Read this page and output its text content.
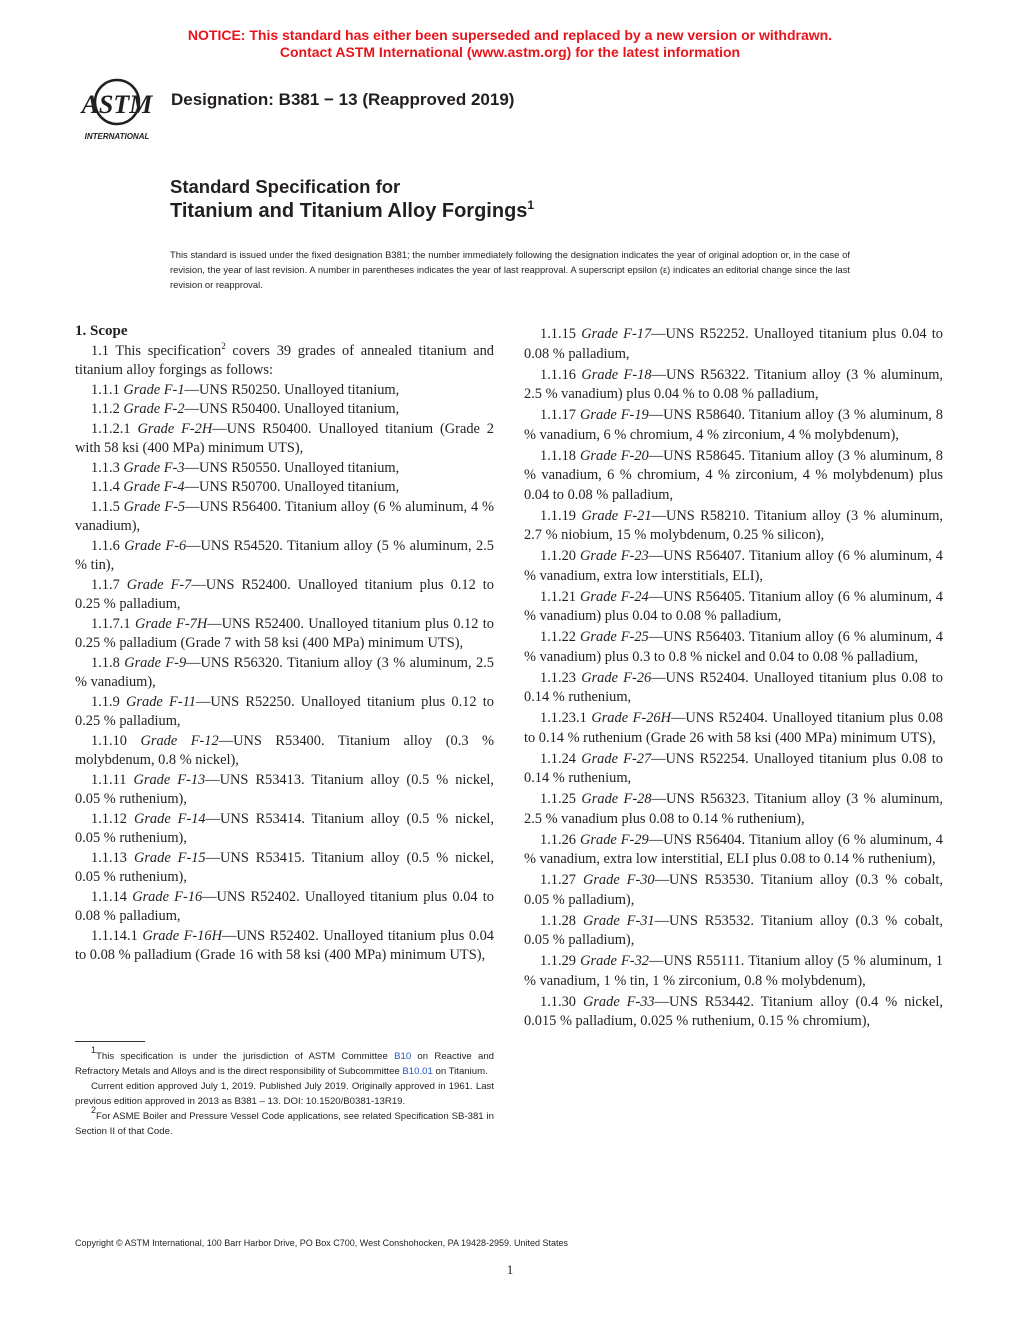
NOTICE: This standard has either been superseded and replaced by a new version or withdrawn.
Contact ASTM International (www.astm.org) for the latest information
ASTM
INTERNATIONAL
Designation: B381 − 13 (Reapproved 2019)
Standard Specification for
Titanium and Titanium Alloy Forgings$^1$
This standard is issued under the fixed designation B381; the number immediately following the designation indicates the year of original adoption or, in the case of revision, the year of last revision. A number in parentheses indicates the year of last reapproval. A superscript epsilon (ε) indicates an editorial change since the last revision or reapproval.

1. Scope

1.1 This specification$^2$ covers 39 grades of annealed titanium and titanium alloy forgings as follows:

1.1.1 Grade F-1—UNS R50250. Unalloyed titanium,

1.1.2 Grade F-2—UNS R50400. Unalloyed titanium,

1.1.2.1 Grade F-2H—UNS R50400. Unalloyed titanium (Grade 2 with 58 ksi (400 MPa) minimum UTS),

1.1.3 Grade F-3—UNS R50550. Unalloyed titanium,

1.1.4 Grade F-4—UNS R50700. Unalloyed titanium,

1.1.5 Grade F-5—UNS R56400. Titanium alloy (6 % aluminum, 4 % vanadium),

1.1.6 Grade F-6—UNS R54520. Titanium alloy (5 % aluminum, 2.5 % tin),

1.1.7 Grade F-7—UNS R52400. Unalloyed titanium plus 0.12 to 0.25 % palladium,

1.1.7.1 Grade F-7H—UNS R52400. Unalloyed titanium plus 0.12 to 0.25 % palladium (Grade 7 with 58 ksi (400 MPa) minimum UTS),

1.1.8 Grade F-9—UNS R56320. Titanium alloy (3 % aluminum, 2.5 % vanadium),

1.1.9 Grade F-11—UNS R52250. Unalloyed titanium plus 0.12 to 0.25 % palladium,

1.1.10 Grade F-12—UNS R53400. Titanium alloy (0.3 % molybdenum, 0.8 % nickel),

1.1.11 Grade F-13—UNS R53413. Titanium alloy (0.5 % nickel, 0.05 % ruthenium),

1.1.12 Grade F-14—UNS R53414. Titanium alloy (0.5 % nickel, 0.05 % ruthenium),

1.1.13 Grade F-15—UNS R53415. Titanium alloy (0.5 % nickel, 0.05 % ruthenium),

1.1.14 Grade F-16—UNS R52402. Unalloyed titanium plus 0.04 to 0.08 % palladium,

1.1.14.1 Grade F-16H—UNS R52402. Unalloyed titanium plus 0.04 to 0.08 % palladium (Grade 16 with 58 ksi (400 MPa) minimum UTS),

1.1.15 Grade F-17—UNS R52252. Unalloyed titanium plus 0.04 to 0.08 % palladium,

1.1.16 Grade F-18—UNS R56322. Titanium alloy (3 % aluminum, 2.5 % vanadium) plus 0.04 % to 0.08 % palladium,

1.1.17 Grade F-19—UNS R58640. Titanium alloy (3 % aluminum, 8 % vanadium, 6 % chromium, 4 % zirconium, 4 % molybdenum),

1.1.18 Grade F-20—UNS R58645. Titanium alloy (3 % aluminum, 8 % vanadium, 6 % chromium, 4 % zirconium, 4 % molybdenum) plus 0.04 to 0.08 % palladium,

1.1.19 Grade F-21—UNS R58210. Titanium alloy (3 % aluminum, 2.7 % niobium, 15 % molybdenum, 0.25 % silicon),

1.1.20 Grade F-23—UNS R56407. Titanium alloy (6 % aluminum, 4 % vanadium, extra low interstitials, ELI),

1.1.21 Grade F-24—UNS R56405. Titanium alloy (6 % aluminum, 4 % vanadium) plus 0.04 to 0.08 % palladium,

1.1.22 Grade F-25—UNS R56403. Titanium alloy (6 % aluminum, 4 % vanadium) plus 0.3 to 0.8 % nickel and 0.04 to 0.08 % palladium,

1.1.23 Grade F-26—UNS R52404. Unalloyed titanium plus 0.08 to 0.14 % ruthenium,

1.1.23.1 Grade F-26H—UNS R52404. Unalloyed titanium plus 0.08 to 0.14 % ruthenium (Grade 26 with 58 ksi (400 MPa) minimum UTS),

1.1.24 Grade F-27—UNS R52254. Unalloyed titanium plus 0.08 to 0.14 % ruthenium,

1.1.25 Grade F-28—UNS R56323. Titanium alloy (3 % aluminum, 2.5 % vanadium plus 0.08 to 0.14 % ruthenium),

1.1.26 Grade F-29—UNS R56404. Titanium alloy (6 % aluminum, 4 % vanadium, extra low interstitial, ELI plus 0.08 to 0.14 % ruthenium),

1.1.27 Grade F-30—UNS R53530. Titanium alloy (0.3 % cobalt, 0.05 % palladium),

1.1.28 Grade F-31—UNS R53532. Titanium alloy (0.3 % cobalt, 0.05 % palladium),

1.1.29 Grade F-32—UNS R55111. Titanium alloy (5 % aluminum, 1 % vanadium, 1 % tin, 1 % zirconium, 0.8 % molybdenum),

1.1.30 Grade F-33—UNS R53442. Titanium alloy (0.4 % nickel, 0.015 % palladium, 0.025 % ruthenium, 0.15 % chromium),

$^1$This specification is under the jurisdiction of ASTM Committee B10 on Reactive and Refractory Metals and Alloys and is the direct responsibility of Subcommittee B10.01 on Titanium.

Current edition approved July 1, 2019. Published July 2019. Originally approved in 1961. Last previous edition approved in 2013 as B381 – 13. DOI: 10.1520/B0381-13R19.

$^2$For ASME Boiler and Pressure Vessel Code applications, see related Specification SB-381 in Section II of that Code.

Copyright © ASTM International, 100 Barr Harbor Drive, PO Box C700, West Conshohocken, PA 19428-2959. United States
1
